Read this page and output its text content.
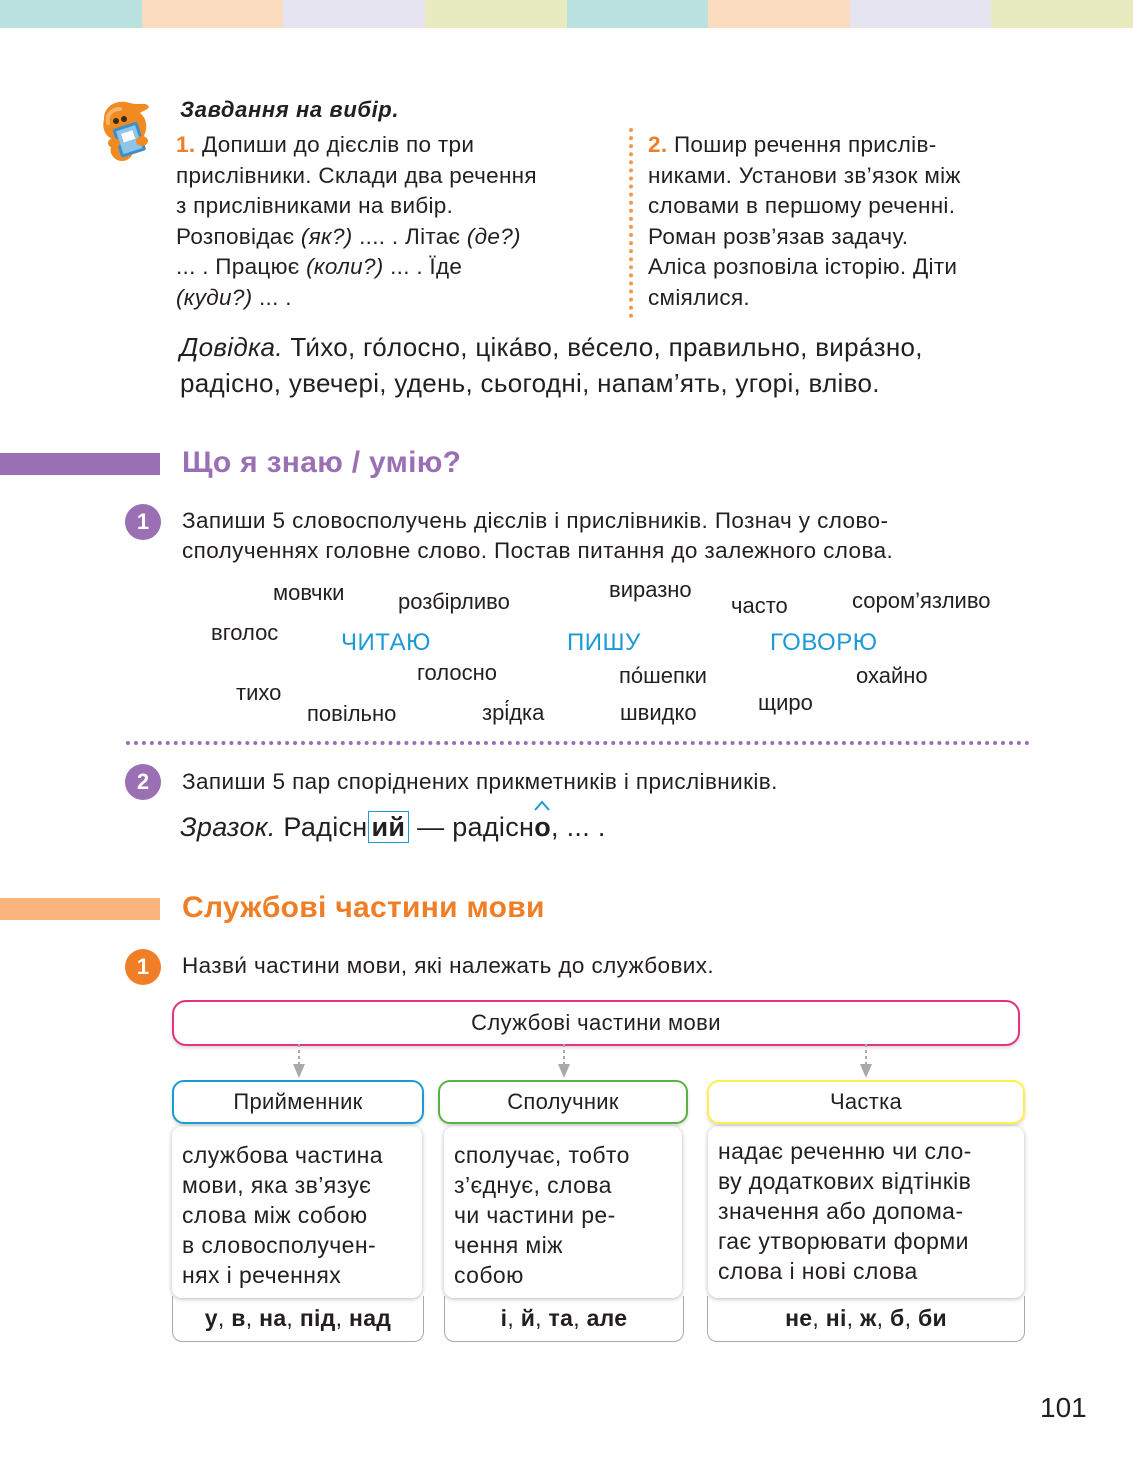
Завдання на вибір.
1. Допиши до дієслів по три
прислівники. Склади два речення
з прислівниками на вибір.
Розповідає (як?) .... . Літає (де?)
... . Працює (коли?) ... . Їде
(куди?) ... .
2. Пошир речення прислів-
никами. Установи зв’язок між
словами в першому реченні.
Роман розв’язав задачу.
Аліса розповіла історію. Діти
сміялися.
Довідка. Ти́хо, го́лосно, ціка́во, ве́село, правильно, вира́зно,
радісно, увечері, удень, сьогодні, напам’ять, угорі, вліво.
Що я знаю / умію?
1	Запиши 5 словосполучень дієслів і прислівників. Познач у слово-
сполученнях головне слово. Постав питання до залежного слова.
мовчки розбірливо	виразно
часто	сором’язливо
вголос	ЧИТАЮ	ПИШУ	ГОВОРЮ
голосно	по́шепки	охайно
тихо
повільно	зрі́дка	швидко	щиро
2	Запиши 5 пар споріднених прикметників і прислівників.
Зразок. Радісн ий — радісно
, ... .
Службові частини мови
1	Назви́ частини мови, які належать до службових.
Службові частини мови
у, в, на, під, над
службова частина
мови, яка зв’язує
слова між собою
в словосполучен-
нях і реченнях
Прийменник
і, й, та, але
сполучає, тобто
з’єднує, слова
чи частини ре-
чення між
собою
Сполучник
не, ні, ж, б, би
надає реченню чи сло-
ву додаткових відтінків
значення або допома-
гає утворювати форми
слова і нові слова
Частка
101
